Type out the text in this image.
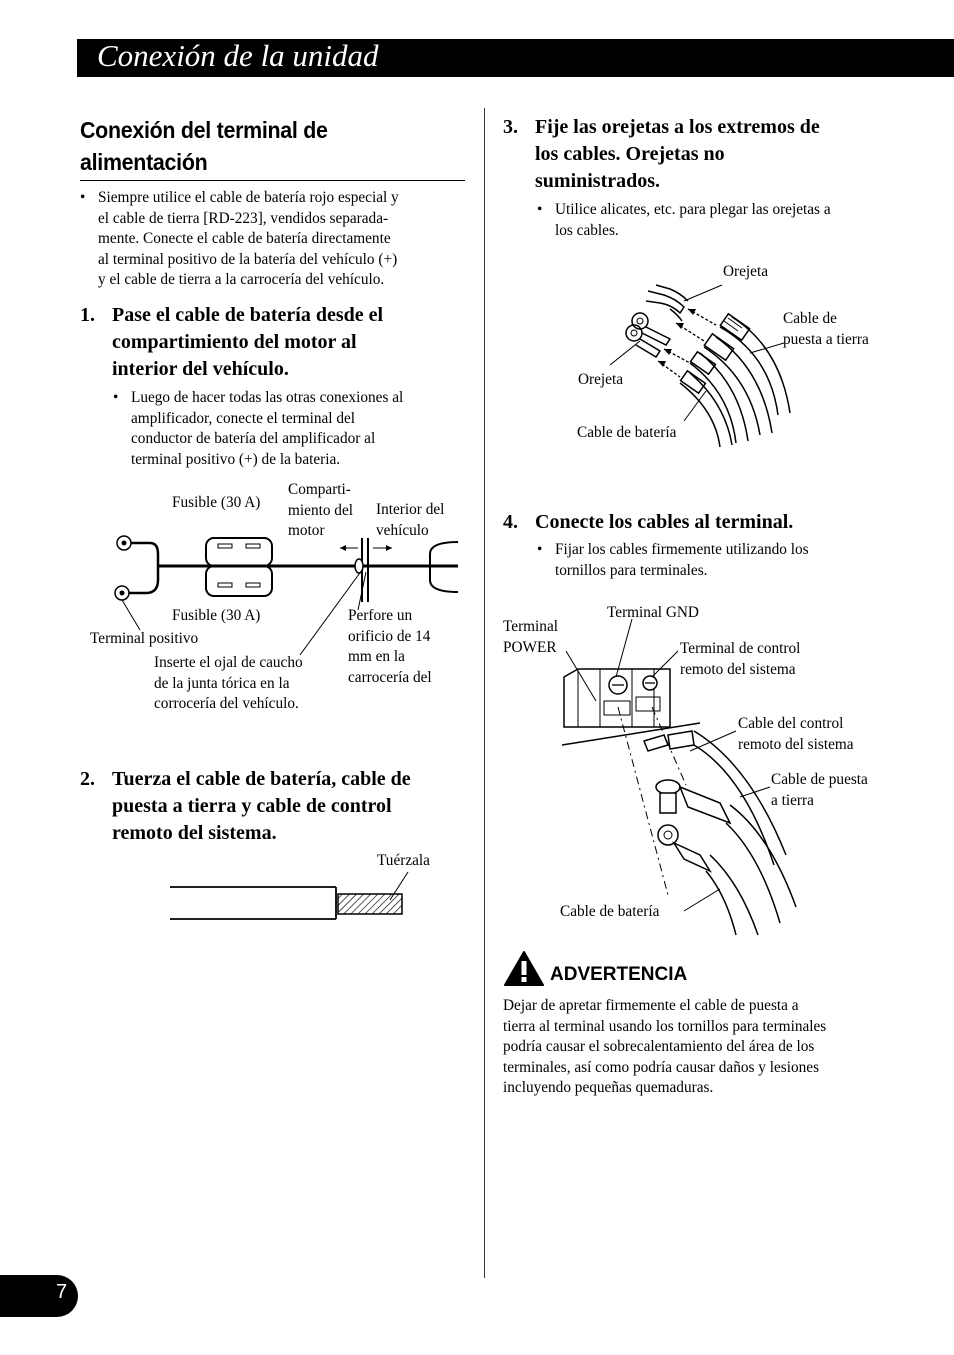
Conexión de la unidad
Conexión del terminal de
alimentación
• Siempre utilice el cable de batería rojo especial y
el cable de tierra [RD-223], vendidos separada-
mente. Conecte el cable de batería directamente
al terminal positivo de la batería del vehículo (+)
y el cable de tierra a la carrocería del vehículo.
1. Pase el cable de batería desde el
compartimiento del motor al
interior del vehículo.
• Luego de hacer todas las otras conexiones al
amplificador, conecte el terminal del
conductor de batería del amplificador al
terminal positivo (+) de la bateria.
Fusible (30 A)
Comparti-
miento del
motor
Interior del
vehículo
Fusible (30 A)
Terminal positivo
Perfore un
orificio de 14
mm en la
carrocería del
Inserte el ojal de caucho
de la junta tórica en la
corrocería del vehículo.
2. Tuerza el cable de batería, cable de
puesta a tierra y cable de control
remoto del sistema.
Tuérzala
3. Fije las orejetas a los extremos de
los cables. Orejetas no
suministrados.
• Utilice alicates, etc. para plegar las orejetas a
los cables.
Orejeta
Cable de
puesta a tierra
Orejeta
Cable de batería
4. Conecte los cables al terminal.
• Fijar los cables firmemente utilizando los
tornillos para terminales.
Terminal
POWER
Terminal GND
Terminal de control
remoto del sistema
Cable del control
remoto del sistema
Cable de puesta
a tierra
Cable de batería
ADVERTENCIA
Dejar de apretar firmemente el cable de puesta a
tierra al terminal usando los tornillos para terminales
podría causar el sobrecalentamiento del área de los
terminales, así como podría causar daños y lesiones
incluyendo pequeñas quemaduras.
7
